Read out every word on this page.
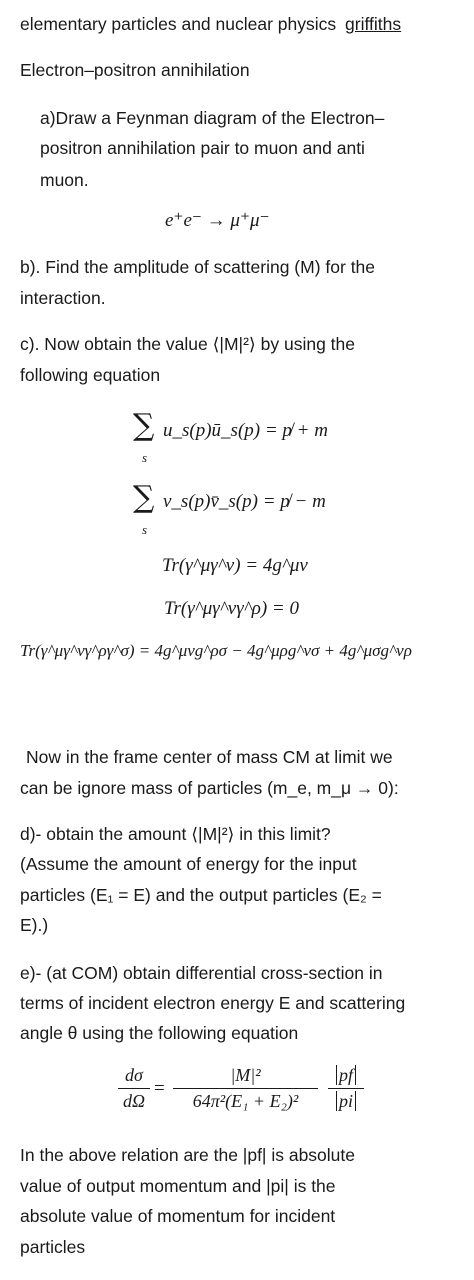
elementary particles and nuclear physics griffiths
Electron–positron annihilation
a)Draw a Feynman diagram of the Electron–
positron annihilation pair to muon and anti
muon.
e⁺e⁻ → μ⁺μ⁻
b). Find the amplitude of scattering (M) for the
interaction.
c). Now obtain the value ⟨|M|²⟩ by using the
following equation
∑
s
u_s(p)ū_s(p) = p̸ + m
∑
s
v_s(p)v̄_s(p) = p̸ − m
Tr(γ^μγ^ν) = 4g^μν
Tr(γ^μγ^νγ^ρ) = 0
Tr(γ^μγ^νγ^ργ^σ) = 4g^μνg^ρσ − 4g^μρg^νσ + 4g^μσg^νρ
Now in the frame center of mass CM at limit we
can be ignore mass of particles (m_e, m_μ → 0):
d)- obtain the amount ⟨|M|²⟩ in this limit?
(Assume the amount of energy for the input
particles (E₁ = E) and the output particles (E₂ =
E).)
e)- (at COM) obtain differential cross-section in
terms of incident electron energy E and scattering
angle θ using the following equation
dσ
dΩ
=
|M|²
64π²(E₁ + E₂)²
pf
pi
In the above relation are the |pf| is absolute
value of output momentum and |pi| is the
absolute value of momentum for incident
particles
